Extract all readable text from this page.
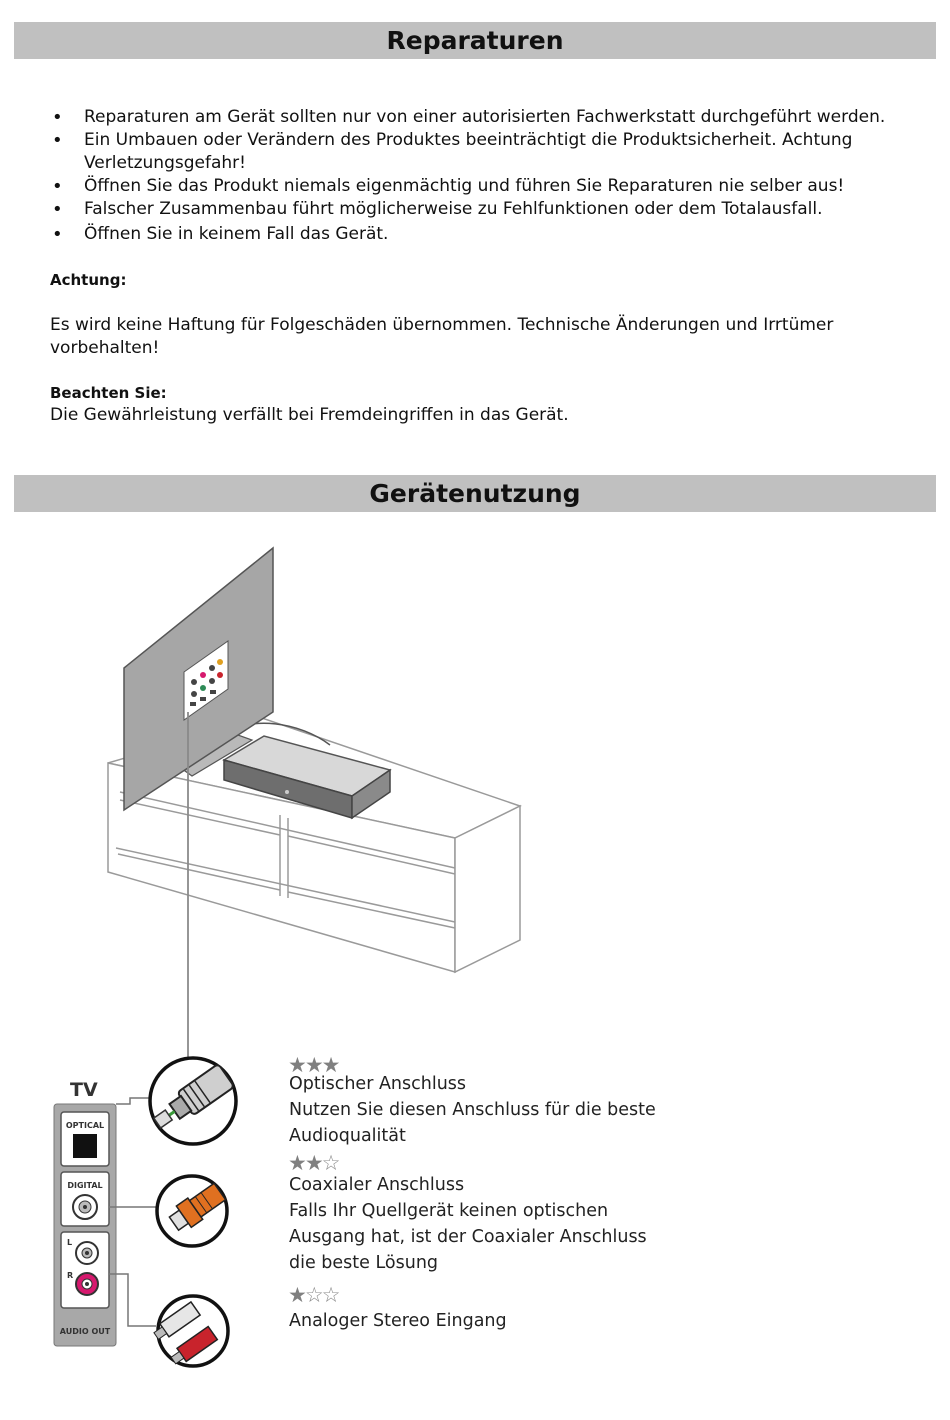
Reparaturen
• Reparaturen am Gerät sollten nur von einer autorisierten Fachwerkstatt durchgeführt werden.
• Ein Umbauen oder Verändern des Produktes beeinträchtigt die Produktsicherheit. Achtung Verletzungsgefahr!
• Öffnen Sie das Produkt niemals eigenmächtig und führen Sie Reparaturen nie selber aus!
• Falscher Zusammenbau führt möglicherweise zu Fehlfunktionen oder dem Totalausfall.
• Öffnen Sie in keinem Fall das Gerät.
Achtung:
Es wird keine Haftung für Folgeschäden übernommen. Technische Änderungen und Irrtümer vorbehalten!
Beachten Sie:
Die Gewährleistung verfällt bei Fremdeingriffen in das Gerät.
Gerätenutzung
TV
OPTICAL
DIGITAL
L
R
AUDIO OUT
★★★
Optischer Anschluss
Nutzen Sie diesen Anschluss für die beste
Audioqualität
★★☆
Coaxialer Anschluss
Falls Ihr Quellgerät keinen optischen
Ausgang hat, ist der Coaxialer Anschluss
die beste Lösung
★☆☆
Analoger Stereo Eingang
